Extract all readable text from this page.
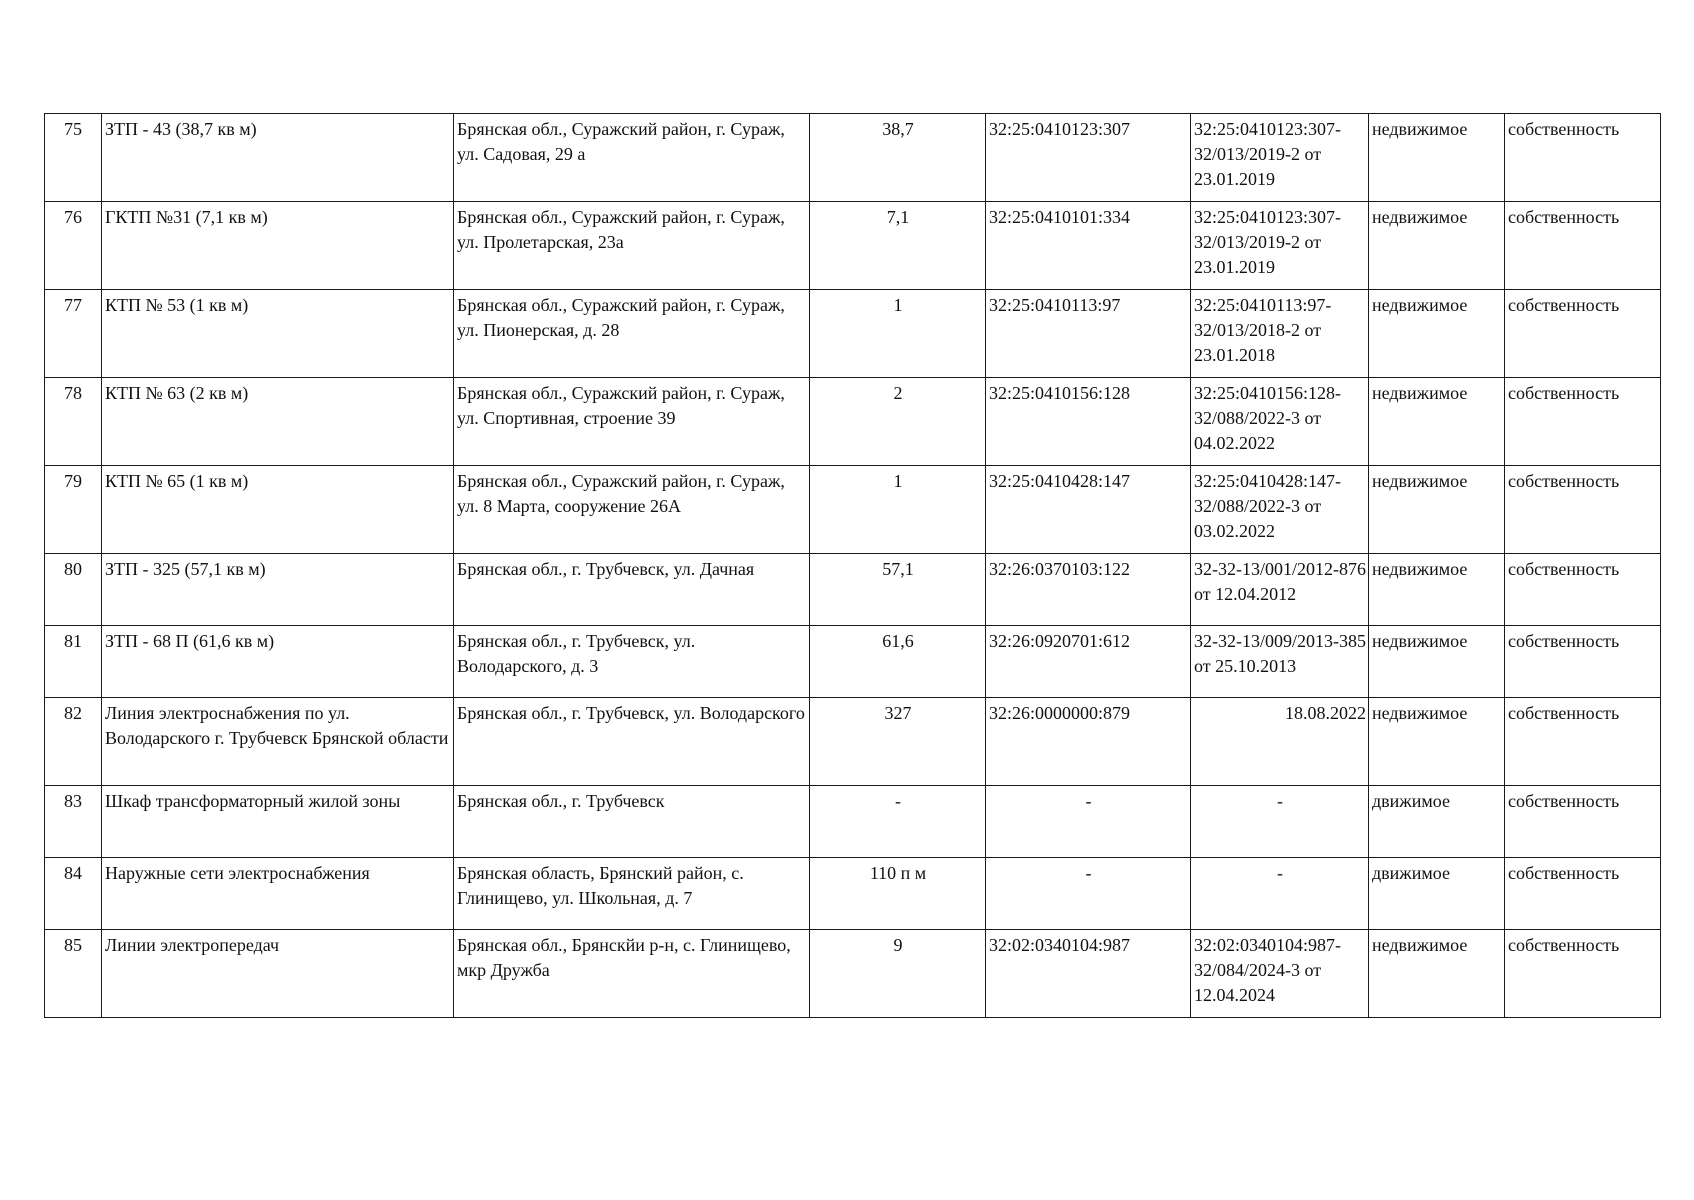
75	ЗТП - 43 (38,7 кв м)	Брянская обл., Суражский район, г. Сураж, ул. Садовая, 29 а	38,7	32:25:0410123:307	32:25:0410123:307-32/013/2019-2 от 23.01.2019	недвижимое	собственность
76	ГКТП №31 (7,1 кв м)	Брянская обл., Суражский район, г. Сураж, ул. Пролетарская, 23а	7,1	32:25:0410101:334	32:25:0410123:307-32/013/2019-2 от 23.01.2019	недвижимое	собственность
77	КТП № 53 (1 кв м)	Брянская обл., Суражский район, г. Сураж, ул. Пионерская, д. 28	1	32:25:0410113:97	32:25:0410113:97-32/013/2018-2 от 23.01.2018	недвижимое	собственность
78	КТП № 63 (2 кв м)	Брянская обл., Суражский район, г. Сураж, ул. Спортивная, строение 39	2	32:25:0410156:128	32:25:0410156:128-32/088/2022-3 от 04.02.2022	недвижимое	собственность
79	КТП № 65 (1 кв м)	Брянская обл., Суражский район, г. Сураж, ул. 8 Марта, сооружение 26А	1	32:25:0410428:147	32:25:0410428:147-32/088/2022-3 от 03.02.2022	недвижимое	собственность
80	ЗТП - 325 (57,1 кв м)	Брянская обл., г. Трубчевск, ул. Дачная	57,1	32:26:0370103:122	32-32-13/001/2012-876 от 12.04.2012	недвижимое	собственность
81	ЗТП - 68 П (61,6 кв м)	Брянская обл., г. Трубчевск, ул. Володарского, д. 3	61,6	32:26:0920701:612	32-32-13/009/2013-385 от 25.10.2013	недвижимое	собственность
82	Линия электроснабжения по ул. Володарского г. Трубчевск Брянской области	Брянская обл., г. Трубчевск, ул. Володарского	327	32:26:0000000:879	18.08.2022	недвижимое	собственность
83	Шкаф трансформаторный жилой зоны	Брянская обл., г. Трубчевск	-	-	-	движимое	собственность
84	Наружные сети электроснабжения	Брянская область, Брянский район, с. Глинищево, ул. Школьная, д. 7	110 п м	-	-	движимое	собственность
85	Линии электропередач	Брянская обл., Брянскйи р-н, с. Глинищево, мкр Дружба	9	32:02:0340104:987	32:02:0340104:987-32/084/2024-3 от 12.04.2024	недвижимое	собственность
